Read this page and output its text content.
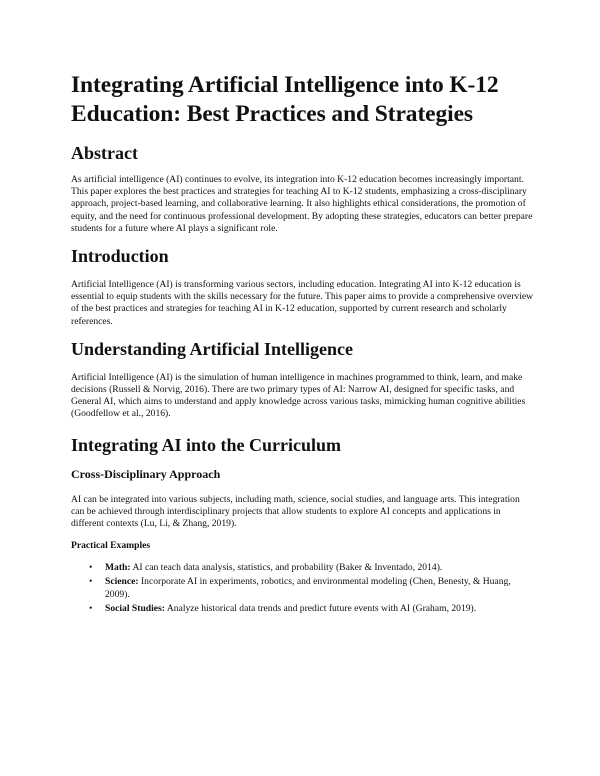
Integrating Artificial Intelligence into K-12 Education: Best Practices and Strategies
Abstract

As artificial intelligence (AI) continues to evolve, its integration into K-12 education becomes increasingly important. This paper explores the best practices and strategies for teaching AI to K-12 students, emphasizing a cross-disciplinary approach, project-based learning, and collaborative learning. It also highlights ethical considerations, the promotion of equity, and the need for continuous professional development. By adopting these strategies, educators can better prepare students for a future where AI plays a significant role.

Introduction

Artificial Intelligence (AI) is transforming various sectors, including education. Integrating AI into K-12 education is essential to equip students with the skills necessary for the future. This paper aims to provide a comprehensive overview of the best practices and strategies for teaching AI in K-12 education, supported by current research and scholarly references.

Understanding Artificial Intelligence

Artificial Intelligence (AI) is the simulation of human intelligence in machines programmed to think, learn, and make decisions (Russell & Norvig, 2016). There are two primary types of AI: Narrow AI, designed for specific tasks, and General AI, which aims to understand and apply knowledge across various tasks, mimicking human cognitive abilities (Goodfellow et al., 2016).

Integrating AI into the Curriculum
Cross-Disciplinary Approach

AI can be integrated into various subjects, including math, science, social studies, and language arts. This integration can be achieved through interdisciplinary projects that allow students to explore AI concepts and applications in different contexts (Lu, Li, & Zhang, 2019).

Practical Examples
• Math: AI can teach data analysis, statistics, and probability (Baker & Inventado, 2014).
• Science: Incorporate AI in experiments, robotics, and environmental modeling (Chen, Benesty, & Huang, 2009).
• Social Studies: Analyze historical data trends and predict future events with AI (Graham, 2019).
